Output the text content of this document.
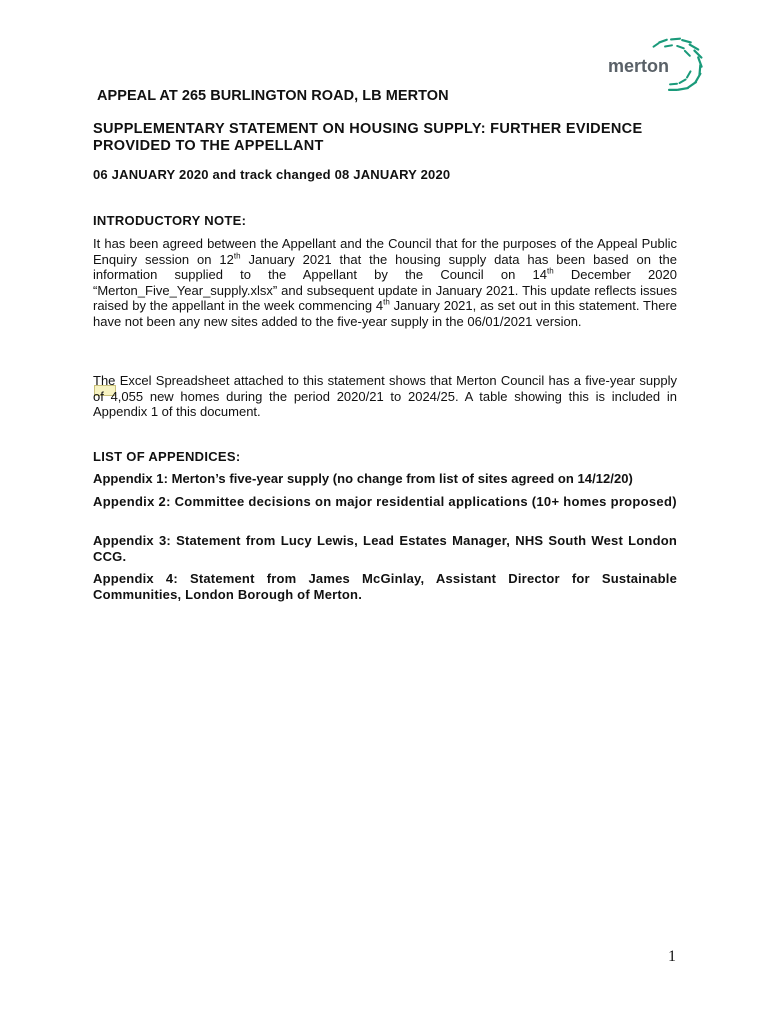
merton
APPEAL AT 265 BURLINGTON ROAD, LB MERTON
SUPPLEMENTARY STATEMENT ON HOUSING SUPPLY: FURTHER EVIDENCE PROVIDED TO THE APPELLANT

06 JANUARY 2020 and track changed 08 JANUARY 2020

INTRODUCTORY NOTE:

It has been agreed between the Appellant and the Council that for the purposes of the Appeal Public Enquiry session on 12th January 2021 that the housing supply data has been based on the information supplied to the Appellant by the Council on 14th December 2020 “Merton_Five_Year_supply.xlsx” and subsequent update in January 2021. This update reflects issues raised by the appellant in the week commencing 4th January 2021, as set out in this statement. There have not been any new sites added to the five-year supply in the 06/01/2021 version.

The Excel Spreadsheet attached to this statement shows that Merton Council has a five-year supply of 4,055 new homes during the period 2020/21 to 2024/25. A table showing this is included in Appendix 1 of this document.

LIST OF APPENDICES:

Appendix 1: Merton’s five-year supply (no change from list of sites agreed on 14/12/20)

Appendix 2: Committee decisions on major residential applications (10+ homes proposed)

Appendix 3: Statement from Lucy Lewis, Lead Estates Manager, NHS South West London CCG.

Appendix 4: Statement from James McGinlay, Assistant Director for Sustainable Communities, London Borough of Merton.

1
